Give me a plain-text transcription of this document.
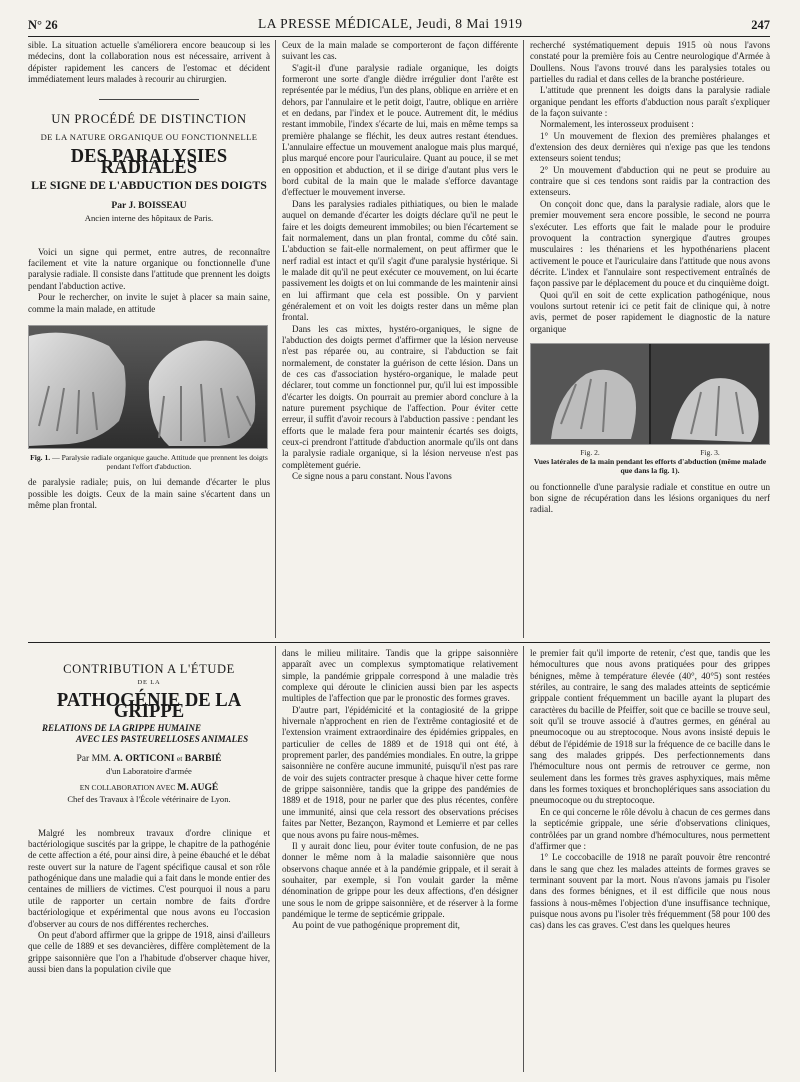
N° 26	LA PRESSE MÉDICALE, Jeudi, 8 Mai 1919	247

sible. La situation actuelle s'améliorera encore beaucoup si les médecins, dont la collaboration nous est nécessaire, arrivent à dépister rapidement les cancers de l'estomac et décident immédiatement leurs malades à recourir au chirurgien.

UN PROCÉDÉ DE DISTINCTION
DE LA NATURE ORGANIQUE OU FONCTIONNELLE
DES PARALYSIES RADIALES
LE SIGNE DE L'ABDUCTION DES DOIGTS
Par J. BOISSEAU
Ancien interne des hôpitaux de Paris.

Voici un signe qui permet, entre autres, de reconnaître facilement et vite la nature organique ou fonctionnelle d'une paralysie radiale. Il consiste dans l'attitude que prennent les doigts pendant l'abduction active.

Pour le rechercher, on invite le sujet à placer sa main saine, comme la main malade, en attitude

Fig. 1. — Paralysie radiale organique gauche. Attitude que prennent les doigts pendant l'effort d'abduction.

de paralysie radiale; puis, on lui demande d'écarter le plus possible les doigts. Ceux de la main saine s'écartent dans un même plan frontal.

Ceux de la main malade se comporteront de façon différente suivant les cas.

S'agit-il d'une paralysie radiale organique, les doigts formeront une sorte d'angle dièdre irrégulier dont l'arête est représentée par le médius, l'un des plans, oblique en arrière et en dehors, par l'annulaire et le petit doigt, l'autre, oblique en arrière et en dedans, par l'index et le pouce. Autrement dit, le médius restant immobile, l'index s'écarte de lui, mais en même temps sa première phalange se fléchit, les deux autres restant étendues. L'annulaire effectue un mouvement analogue mais plus marqué, plus marqué encore pour l'auriculaire. Quant au pouce, il se met en opposition et abduction, et il se dirige d'autant plus vers le bord cubital de la main que le malade s'efforce davantage d'effectuer le mouvement inverse.

Dans les paralysies radiales pithiatiques, ou bien le malade auquel on demande d'écarter les doigts déclare qu'il ne peut le faire et les doigts demeurent immobiles; ou bien l'écartement se fait normalement, dans un plan frontal, comme du côté sain. L'abduction se fait-elle normalement, on peut affirmer que le nerf radial est intact et qu'il s'agit d'une paralysie hystérique. Si le malade dit qu'il ne peut exécuter ce mouvement, on lui écarte passivement les doigts et on lui commande de les maintenir ainsi en lui affirmant que cela est possible. On y parvient généralement et on voit les doigts rester dans un même plan frontal.

Dans les cas mixtes, hystéro-organiques, le signe de l'abduction des doigts permet d'affirmer que la lésion nerveuse n'est pas réparée ou, au contraire, si l'abduction se fait normalement, de constater la guérison de cette lésion. Dans un de ces cas d'association hystéro-organique, le malade peut déclarer, tout comme un fonctionnel pur, qu'il lui est impossible d'écarter les doigts. On pourrait au premier abord conclure à la nature purement psychique de l'affection. Pour éviter cette erreur, il suffit d'avoir recours à l'abduction passive : pendant les efforts que le malade fera pour maintenir écartés ses doigts, ceux-ci prendront l'attitude d'abduction anormale qu'ils ont dans la paralysie radiale organique, si la lésion nerveuse n'est pas complètement guérie.

Ce signe nous a paru constant. Nous l'avons

recherché systématiquement depuis 1915 où nous l'avons constaté pour la première fois au Centre neurologique d'Armée à Doullens. Nous l'avons trouvé dans les paralysies totales ou partielles du radial et dans celles de la branche postérieure.

L'attitude que prennent les doigts dans la paralysie radiale organique pendant les efforts d'abduction nous paraît s'expliquer de la façon suivante :

Normalement, les interosseux produisent :

1° Un mouvement de flexion des premières phalanges et d'extension des deux dernières qui n'exige pas que les tendons extenseurs soient tendus;

2° Un mouvement d'abduction qui ne peut se produire au contraire que si ces tendons sont raidis par la contraction des extenseurs.

On conçoit donc que, dans la paralysie radiale, alors que le premier mouvement sera encore possible, le second ne pourra s'exécuter. Les efforts que fait le malade pour le produire provoquent la contraction synergique d'autres groupes musculaires : les thénariens et les hypothénariens placent activement le pouce et l'auriculaire dans l'attitude que nous avons décrite. L'index et l'annulaire sont respectivement entraînés de façon passive par le déplacement du pouce et du cinquième doigt.

Quoi qu'il en soit de cette explication pathogénique, nous voulons surtout retenir ici ce petit fait de clinique qui, à notre avis, permet de poser rapidement le diagnostic de la nature organique

Fig. 2.	Fig. 3.
Vues latérales de la main pendant les efforts d'abduction (même malade que dans la fig. 1).

ou fonctionnelle d'une paralysie radiale et constitue en outre un bon signe de récupération dans les lésions organiques du nerf radial.

CONTRIBUTION A L'ÉTUDE
DE LA
PATHOGÉNIE DE LA GRIPPE
RELATIONS DE LA GRIPPE HUMAINE
AVEC LES PASTEURELLOSES ANIMALES
Par MM. A. ORTICONI et BARBIÉ
d'un Laboratoire d'armée
EN COLLABORATION AVEC M. AUGÉ
Chef des Travaux à l'École vétérinaire de Lyon.

Malgré les nombreux travaux d'ordre clinique et bactériologique suscités par la grippe, le chapitre de la pathogénie de cette affection a été, pour ainsi dire, à peine ébauché et le débat reste ouvert sur la nature de l'agent spécifique causal et son rôle pathogénique dans une maladie qui a fait dans le monde entier des centaines de milliers de victimes. C'est pourquoi il nous a paru utile de rapporter un certain nombre de faits d'ordre bactériologique et expérimental que nous avons eu l'occasion d'observer au cours de nos différentes recherches.

On peut d'abord affirmer que la grippe de 1918, ainsi d'ailleurs que celle de 1889 et ses devancières, diffère complètement de la grippe saisonnière que l'on a l'habitude d'observer chaque hiver, aussi bien dans la population civile que

dans le milieu militaire. Tandis que la grippe saisonnière apparaît avec un complexus symptomatique relativement simple, la pandémie grippale correspond à une maladie très complexe qui déroute le clinicien aussi bien par les aspects multiples de l'affection que par le pronostic des formes graves.

D'autre part, l'épidémicité et la contagiosité de la grippe hivernale n'approchent en rien de l'extrême contagiosité et de l'extension vraiment extraordinaire des épidémies grippales, en particulier de celles de 1889 et de 1918 qui ont été, à proprement parler, des pandémies mondiales. En outre, la grippe saisonnière ne confère aucune immunité, puisqu'il n'est pas rare de voir des sujets contracter presque à chaque hiver cette forme de grippe saisonnière, tandis que la grippe des pandémies de 1889 et de 1918, pour ne parler que des plus récentes, confère une immunité, ainsi que cela ressort des observations précises faites par Netter, Bezançon, Raymond et Lemierre et par celles que nous avons pu faire nous-mêmes.

Il y aurait donc lieu, pour éviter toute confusion, de ne pas donner le même nom à la maladie saisonnière que nous observons chaque année et à la pandémie grippale, et il serait à souhaiter, par exemple, si l'on voulait garder la même dénomination de grippe pour les deux affections, d'en désigner une sous le nom de grippe saisonnière, et de réserver à la forme pandémique le terme de septicémie grippale.

Au point de vue pathogénique proprement dit,

le premier fait qu'il importe de retenir, c'est que, tandis que les hémocultures que nous avons pratiquées pour des grippes bénignes, même à température élevée (40°, 40°5) sont restées stériles, au contraire, le sang des malades atteints de septicémie grippale contient fréquemment un bacille ayant la plupart des caractères du bacille de Pfeiffer, soit que ce bacille se trouve seul, soit qu'il se trouve associé à d'autres germes, en général au pneumocoque ou au streptocoque. Nous avons insisté depuis le début de l'épidémie de 1918 sur la fréquence de ce bacille dans le sang des malades grippés. Des perfectionnements dans l'hémoculture nous ont permis de retrouver ce germe, non seulement dans les formes très graves asphyxiques, mais même dans les formes toxiques et bronchopléгiques sans association du pneumocoque ou du streptocoque.

En ce qui concerne le rôle dévolu à chacun de ces germes dans la septicémie grippale, une série d'observations cliniques, contrôlées par un grand nombre d'hémocultures, nous permettent d'affirmer que :

1° Le coccobacille de 1918 ne paraît pouvoir être rencontré dans le sang que chez les malades atteints de formes graves se terminant souvent par la mort. Nous n'avons jamais pu l'isoler dans des formes bénignes, et il est difficile que nous nous fassions à nous-mêmes l'objection d'une insuffisance technique, puisque nous avons pu l'isoler très fréquemment (58 pour 100 des cas) dans les cas graves. C'est dans les quelques heures
